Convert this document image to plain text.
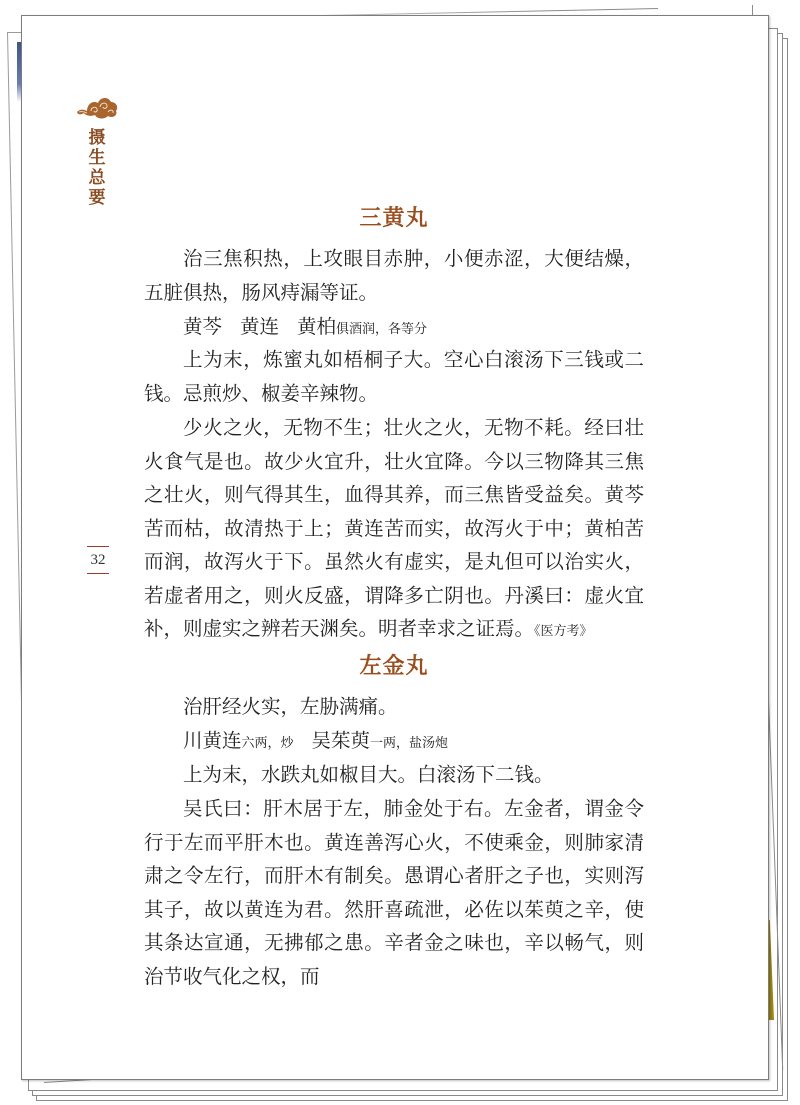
摄
生
总
要
32
三黄丸
治三焦积热，上攻眼目赤肿，小便赤涩，大便结燥，五脏俱热，肠风痔漏等证。
黄芩 黄连 黄柏俱酒润，各等分
上为末，炼蜜丸如梧桐子大。空心白滚汤下三钱或二钱。忌煎炒、椒姜辛辣物。
少火之火，无物不生；壮火之火，无物不耗。经曰壮火食气是也。故少火宜升，壮火宜降。今以三物降其三焦之壮火，则气得其生，血得其养，而三焦皆受益矣。黄芩苦而枯，故清热于上；黄连苦而实，故泻火于中；黄柏苦而润，故泻火于下。虽然火有虚实，是丸但可以治实火，若虚者用之，则火反盛，谓降多亡阴也。丹溪曰：虚火宜补，则虚实之辨若天渊矣。明者幸求之证焉。《医方考》
左金丸
治肝经火实，左胁满痛。
川黄连六两，炒 吴茱萸一两，盐汤炮
上为末，水跌丸如椒目大。白滚汤下二钱。
吴氏曰：肝木居于左，肺金处于右。左金者，谓金令行于左而平肝木也。黄连善泻心火，不使乘金，则肺家清肃之令左行，而肝木有制矣。愚谓心者肝之子也，实则泻其子，故以黄连为君。然肝喜疏泄，必佐以茱萸之辛，使其条达宣通，无拂郁之患。辛者金之味也，辛以畅气，则治节收气化之权，而
